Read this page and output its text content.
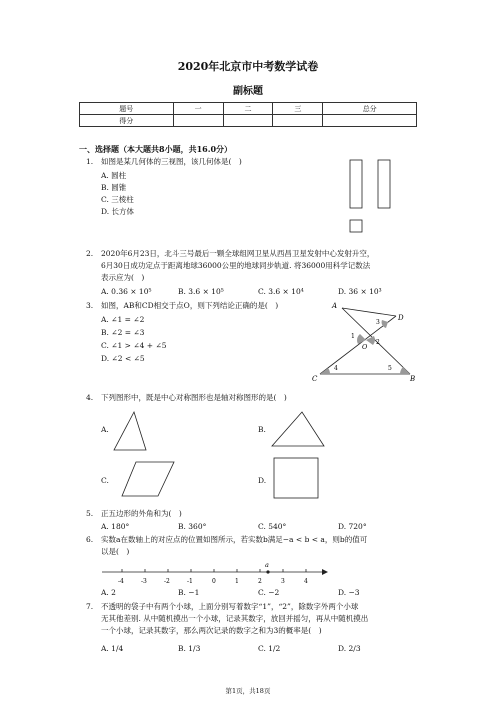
2020年北京市中考数学试卷
副标题
题号	一	二	三	总分
得分				
一、选择题（本大题共8小题，共16.0分）
1. 如图是某几何体的三视图，该几何体是(　)
A. 圆柱
B. 圆锥
C. 三棱柱
D. 长方体
2. 2020年6月23日，北斗三号最后一颗全球组网卫星从西昌卫星发射中心发射升空，
6月30日成功定点于距离地球36000公里的地球同步轨道. 将36000用科学记数法
表示应为(　)
A. 0.36 × 10⁵	B. 3.6 × 10⁵	C. 3.6 × 10⁴	D. 36 × 10³
3. 如图，AB和CD相交于点O，则下列结论正确的是(　)
A. ∠1 = ∠2
B. ∠2 = ∠3
C. ∠1 > ∠4 + ∠5
D. ∠2 < ∠5
A
D
3
1
O
2
4	5
C	B
4. 下列图形中，既是中心对称图形也是轴对称图形的是(　)
A.	B.
C.	D.
5. 正五边形的外角和为(　)
A. 180°	B. 360°	C. 540°	D. 720°
6. 实数a在数轴上的对应点的位置如图所示，若实数b满足−a < b < a，则b的值可
以是(　)
a
-4	-3	-2	-1	0	1	2	3	4
A. 2	B. −1	C. −2	D. −3
7. 不透明的袋子中有两个小球，上面分别写着数字“1”，“2”，除数字外两个小球
无其他差别. 从中随机摸出一个小球，记录其数字，放回并摇匀，再从中随机摸出
一个小球，记录其数字，那么两次记录的数字之和为3的概率是(　)
A. 1/4	B. 1/3	C. 1/2	D. 2/3
第1页，共18页
